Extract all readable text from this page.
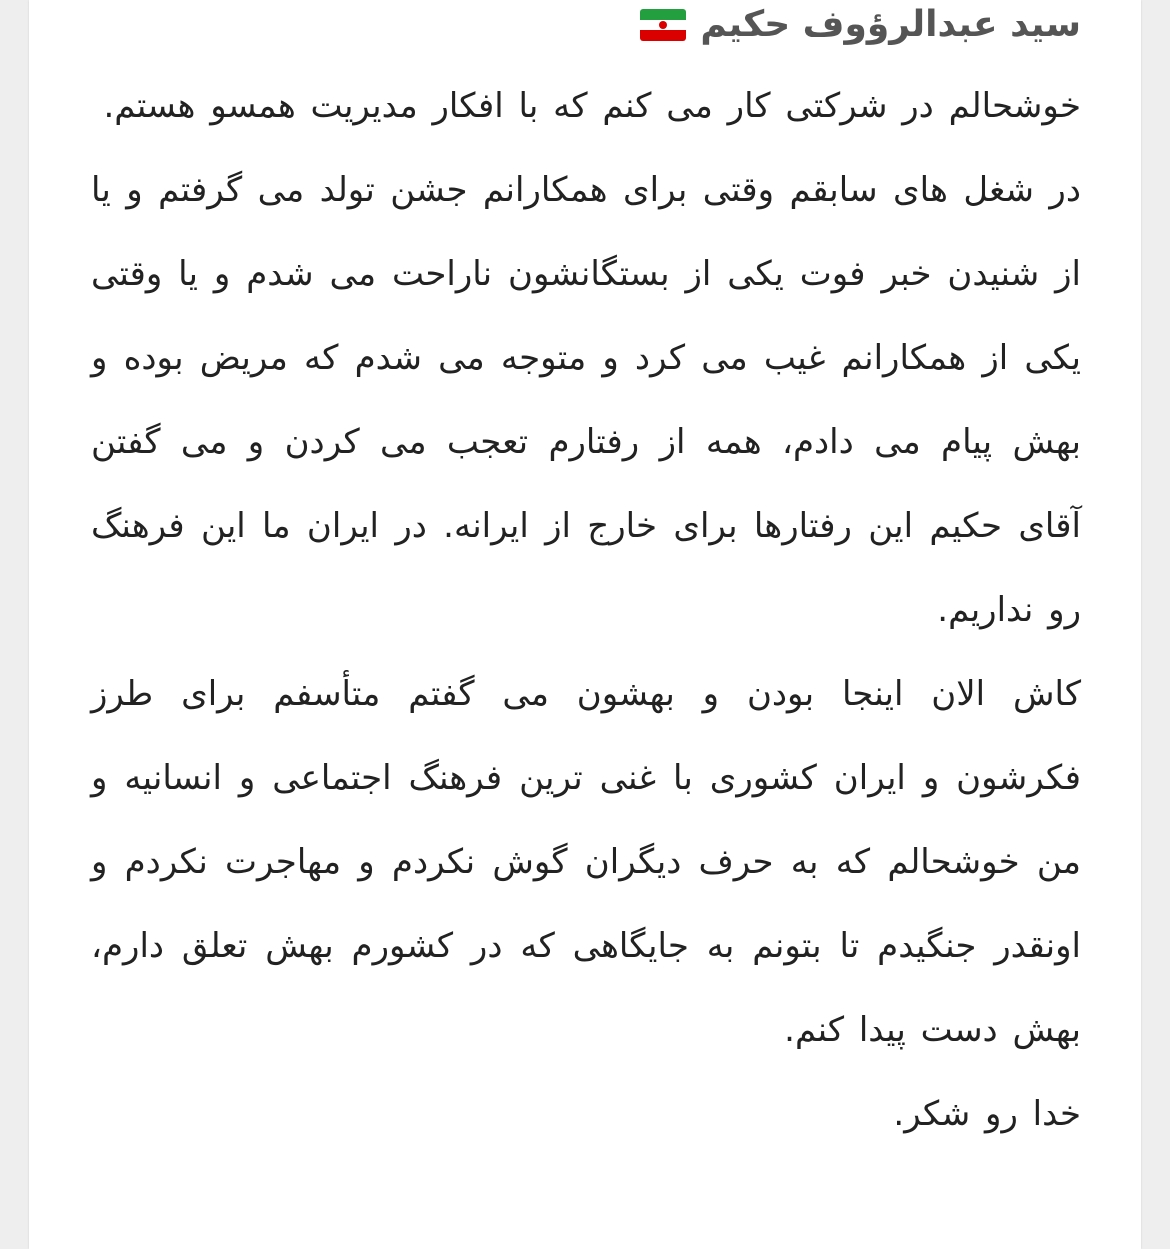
سید عبدالرؤوف حکیم

خوشحالم در شرکتی کار می کنم که با افکار مدیریت همسو هستم.

در شغل های سابقم وقتی برای همکارانم جشن تولد می گرفتم و یا از شنیدن خبر فوت یکی از بستگانشون ناراحت می شدم و یا وقتی یکی از همکارانم غیب می کرد و متوجه می شدم که مریض بوده و بهش پیام می دادم، همه از رفتارم تعجب می کردن و می گفتن آقای حکیم این رفتارها برای خارج از ایرانه. در ایران ما این فرهنگ رو نداریم.

کاش الان اینجا بودن و بهشون می گفتم متأسفم برای طرز فکرشون و ایران کشوری با غنی ترین فرهنگ اجتماعی و انسانیه و من خوشحالم که به حرف دیگران گوش نکردم و مهاجرت نکردم و اونقدر جنگیدم تا بتونم به جایگاهی که در کشورم بهش تعلق دارم، بهش دست پیدا کنم.

خدا رو شکر.
